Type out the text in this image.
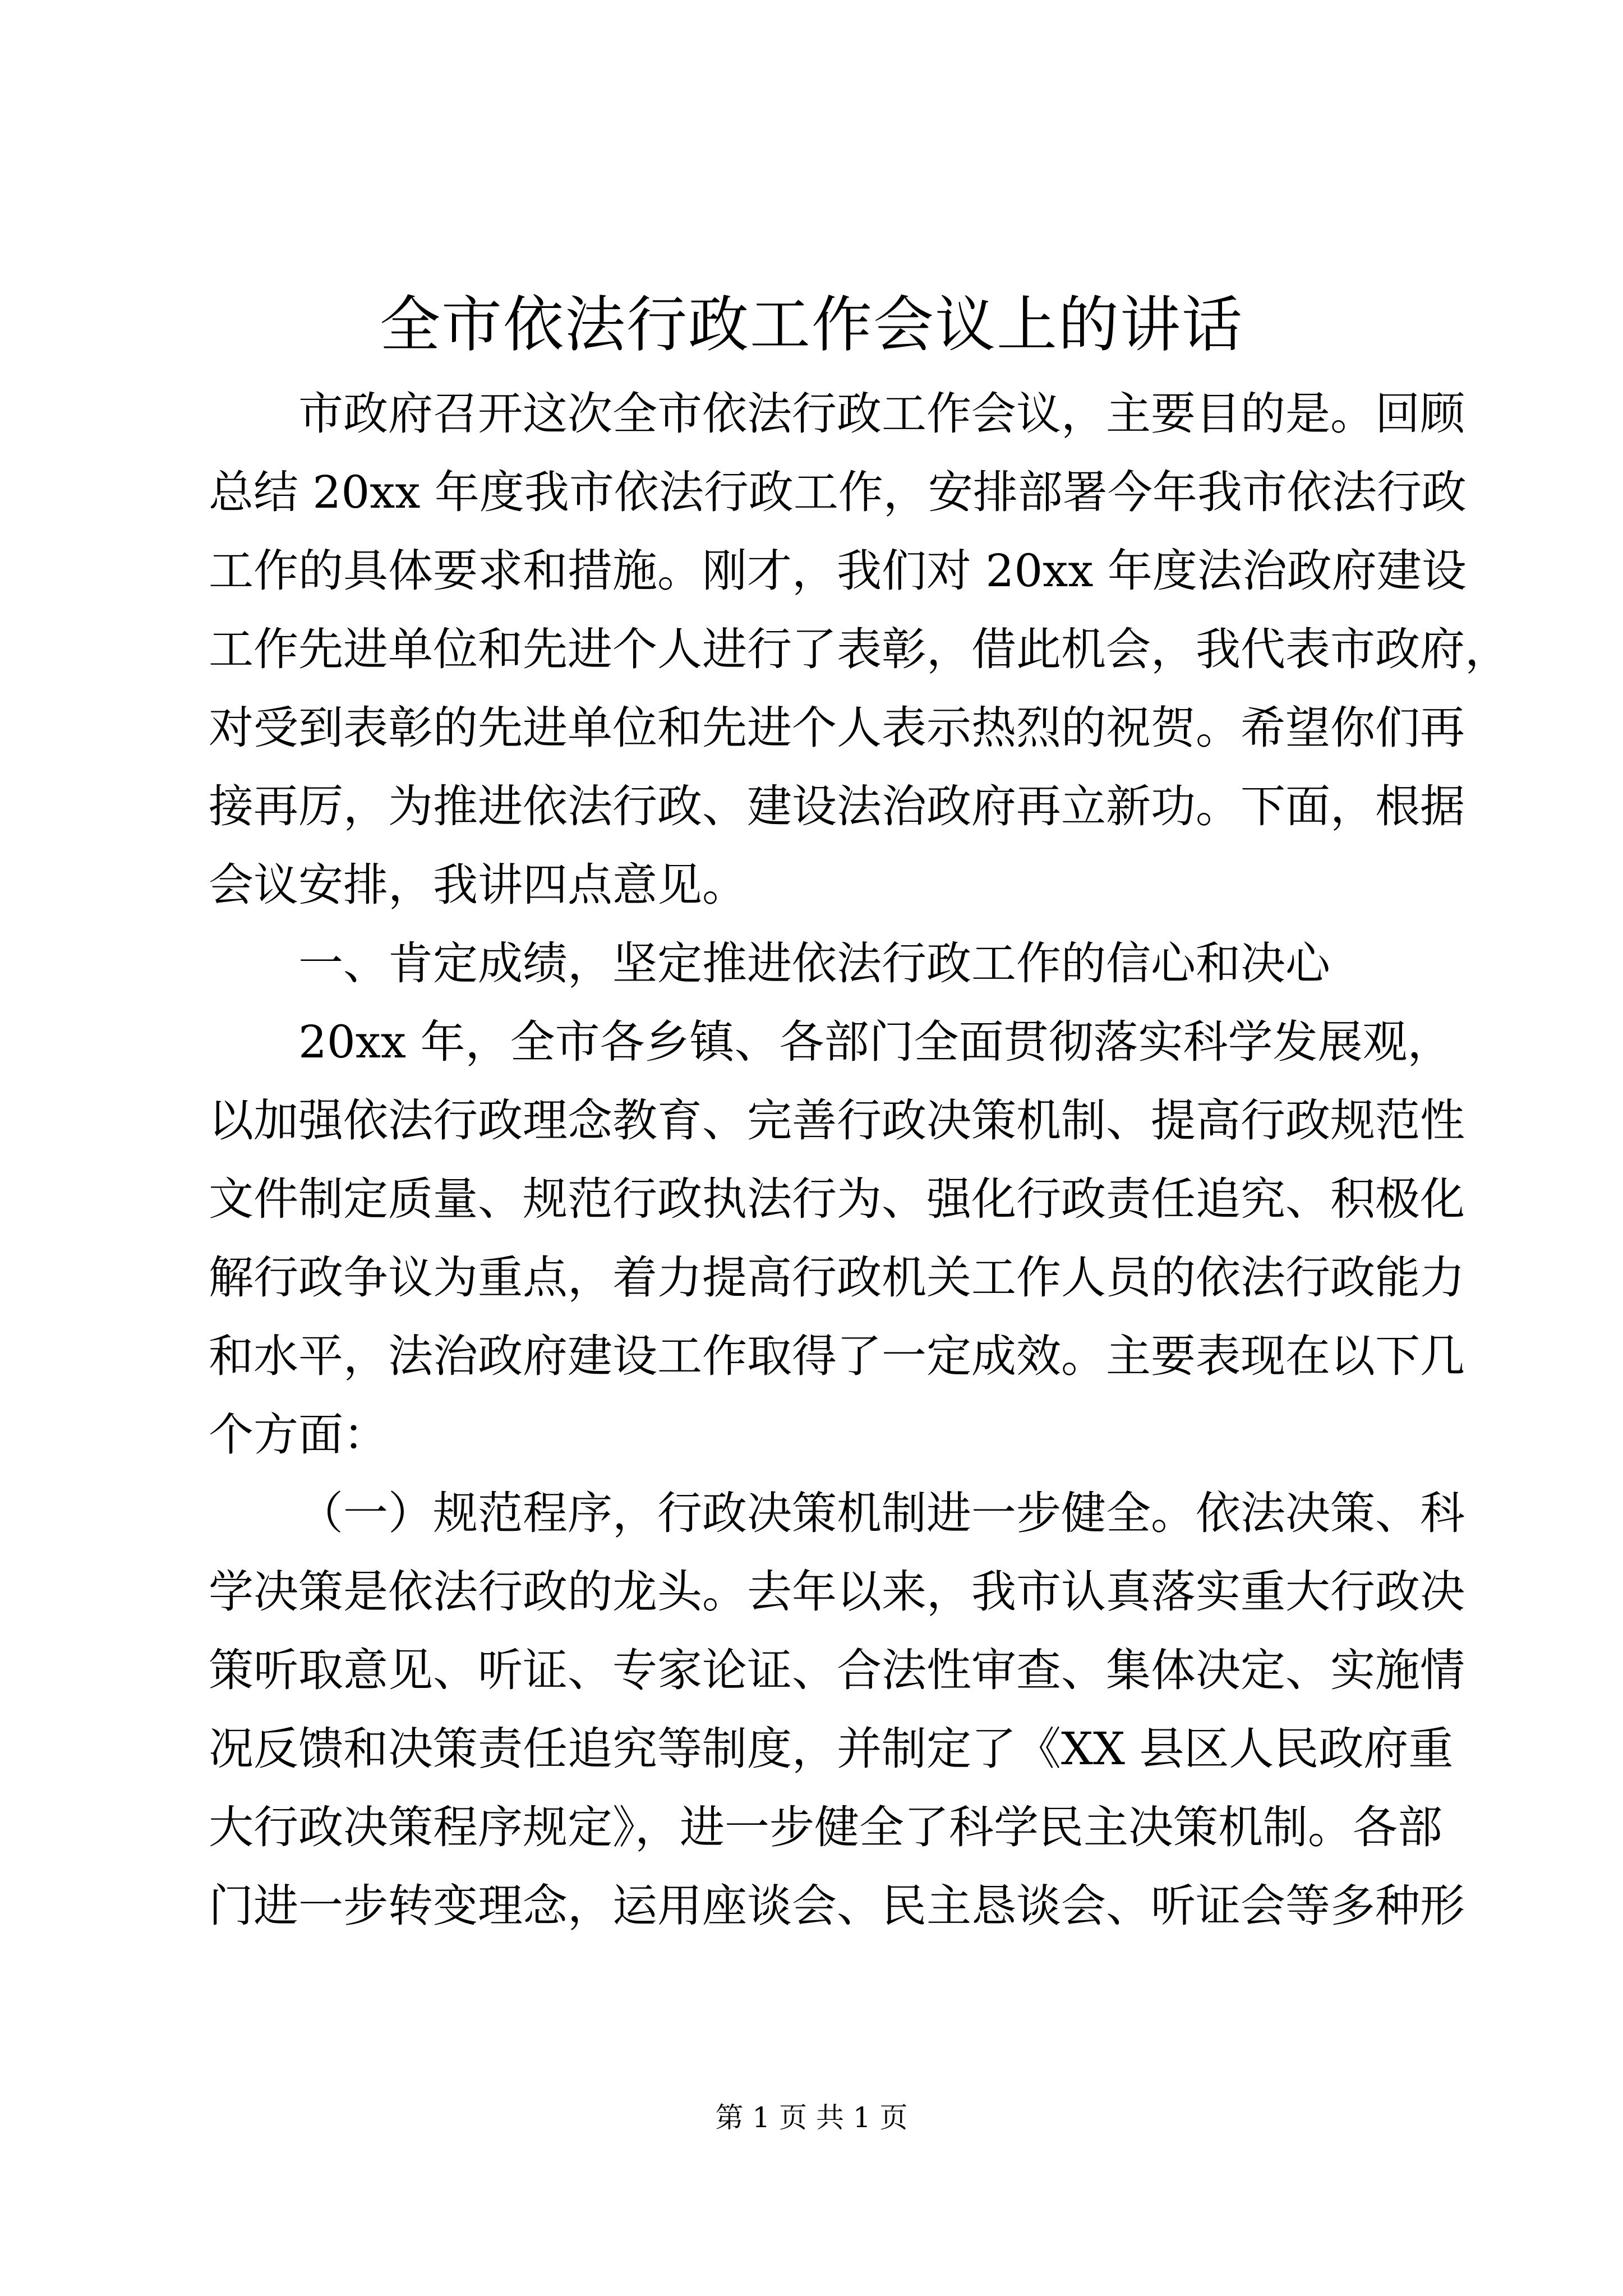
全市依法行政工作会议上的讲话
市政府召开这次全市依法行政工作会议，主要目的是。回顾
总结 20xx 年度我市依法行政工作，安排部署今年我市依法行政
工作的具体要求和措施。刚才，我们对 20xx 年度法治政府建设
工作先进单位和先进个人进行了表彰，借此机会，我代表市政府，
对受到表彰的先进单位和先进个人表示热烈的祝贺。希望你们再
接再厉，为推进依法行政、建设法治政府再立新功。下面，根据
会议安排，我讲四点意见。
一、肯定成绩，坚定推进依法行政工作的信心和决心
20xx 年，全市各乡镇、各部门全面贯彻落实科学发展观，
以加强依法行政理念教育、完善行政决策机制、提高行政规范性
文件制定质量、规范行政执法行为、强化行政责任追究、积极化
解行政争议为重点，着力提高行政机关工作人员的依法行政能力
和水平，法治政府建设工作取得了一定成效。主要表现在以下几
个方面：
（一）规范程序，行政决策机制进一步健全。依法决策、科
学决策是依法行政的龙头。去年以来，我市认真落实重大行政决
策听取意见、听证、专家论证、合法性审查、集体决定、实施情
况反馈和决策责任追究等制度，并制定了《XX 县区人民政府重
大行政决策程序规定》，进一步健全了科学民主决策机制。各部
门进一步转变理念，运用座谈会、民主恳谈会、听证会等多种形
第 1 页 共 1 页
